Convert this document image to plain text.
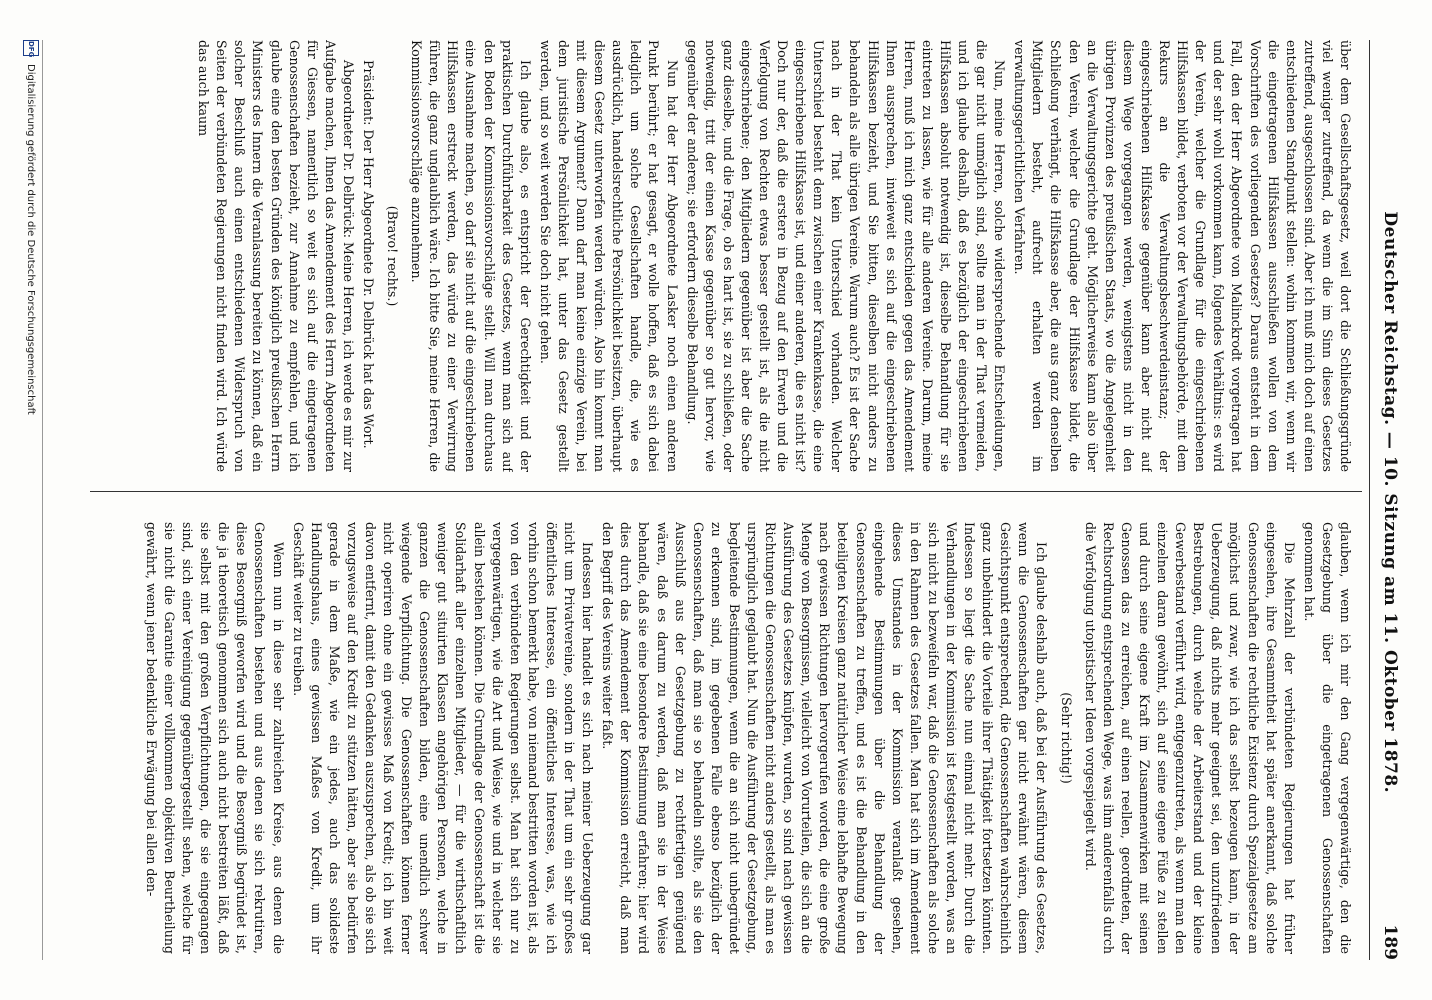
Deutscher Reichstag. — 10. Sitzung am 11. Oktober 1878.
189

über dem Gesellschaftsgesetz, weil dort die Schließungsgründe viel weniger zutreffend, da wenn die im Sinn dieses Gesetzes zutreffend, ausgeschlossen sind. Aber ich muß mich doch auf einen entschiedenen Standpunkt stellen: wohin kommen wir, wenn wir die eingetragenen Hilfskassen ausschließen wollen von dem Vorschriften des vorliegenden Gesetzes? Daraus entsteht in dem Fall, den der Herr Abgeordnete von Malinckrodt vorgetragen hat und der sehr wohl vorkommen kann, folgendes Verhältnis: es wird der Verein, welcher die Grundlage für die eingeschriebenen Hilfskassen bildet, verboten vor der Verwaltungsbehörde, mit dem Rekurs an die Verwaltungsbeschwerdeinstanz; der eingeschriebenen Hilfskasse gegenüber kann aber nicht auf diesem Wege vorgegangen werden, wenigstens nicht in den übrigen Provinzen des preußischen Staats, wo die Angelegenheit an die Verwaltungsgerichte geht. Möglicherweise kann also über den Verein, welcher die Grundlage der Hilfskasse bildet, die Schließung verhängt, die Hilfskasse aber, die aus ganz denselben Mitgliedern besteht, aufrecht erhalten werden im verwaltungsgerichtlichen Verfahren.

Nun, meine Herren, solche widersprechende Entscheidungen, die gar nicht unmöglich sind, sollte man in der That vermeiden, und ich glaube deshalb, daß es bezüglich der eingeschriebenen Hilfskassen absolut notwendig ist, dieselbe Behandlung für sie eintreten zu lassen, wie für alle anderen Vereine. Darum, meine Herren, muß ich mich ganz entschieden gegen das Amendement Ihnen aussprechen, inwieweit es sich auf die eingeschriebenen Hilfskassen bezieht, und Sie bitten, dieselben nicht anders zu behandeln als alle übrigen Vereine. Warum auch? Es ist der Sache nach in der That kein Unterschied vorhanden. Welcher Unterschied besteht denn zwischen einer Krankenkasse, die eine eingeschriebene Hilfskasse ist, und einer anderen, die es nicht ist? Doch nur der, daß die erstere in Bezug auf den Erwerb und die Verfolgung von Rechten etwas besser gestellt ist, als die nicht eingeschriebene; den Mitgliedern gegenüber ist aber die Sache ganz dieselbe, und die Frage, ob es hart ist, sie zu schließen, oder notwendig, tritt der einen Kasse gegenüber so gut hervor, wie gegenüber der anderen; sie erfordern dieselbe Behandlung.

Nun hat der Herr Abgeordnete Lasker noch einen anderen Punkt berührt; er hat gesagt, er wolle hoffen, daß es sich dabei lediglich um solche Gesellschaften handle, die, wie es ausdrücklich, handelsrechtliche Persönlichkeit besitzen, überhaupt diesem Gesetz unterworfen werden würden. Also hin kommt man mit diesem Argument? Dann darf man keine einzige Verein, bei dem juristische Persönlichkeit hat, unter das Gesetz gestellt werden, und so weit werden Sie doch nicht gehen.

Ich glaube also, es entspricht der Gerechtigkeit und der praktischen Durchführbarkeit des Gesetzes, wenn man sich auf den Boden der Kommissionsvorschläge stellt. Will man durchaus eine Ausnahme machen, so darf sie nicht auf die eingeschriebenen Hilfskassen erstreckt werden, das würde zu einer Verwirrung führen, die ganz unglaublich wäre. Ich bitte Sie, meine Herren, die Kommissionsvorschläge anzunehmen.

(Bravo! rechts.)

Präsident: Der Herr Abgeordnete Dr. Delbrück hat das Wort.

Abgeordneter Dr. Delbrück: Meine Herren, ich werde es mir zur Aufgabe machen, Ihnen das Amendement des Herrn Abgeordneten für Giessen, namentlich so weit es sich auf die eingetragenen Genossenschaften bezieht, zur Annahme zu empfehlen, und ich glaube eine den besten Gründen des königlich preußischen Herrn Ministers des Innern die Veranlassung bereiten zu können, daß ein solcher Beschluß auch einen entschiedenen Widerspruch von Seiten der verbündeten Regierungen nicht finden wird. Ich würde das auch kaum

glauben, wenn ich mir den Gang vergegenwärtige, den die Gesetzgebung über die eingetragenen Genossenschaften genommen hat.

Die Mehrzahl der verbündeten Regierungen hat früher eingesehen, ihre Gesammtheit hat später anerkannt, daß solche Genossenschaften die rechtliche Existenz durch Spezialgesetze am möglichst und zwar, wie ich das selbst bezeugen kann, in der Ueberzeugung, daß nichts mehr geeignet sei, den unzufriedenen Bestrebungen, durch welche der Arbeiterstand und der kleine Gewerbestand verführt wird, entgegenzutreten, als wenn man den einzelnen daran gewöhnt, sich auf seine eigene Füße zu stellen und durch seine eigene Kraft im Zusammenwirken mit seinen Genossen das zu erreichen, auf einen reellen, geordneten, der Rechtsordnung entsprechenden Wege, was ihm anderenfalls durch die Verfolgung utopistischer Ideen vorgespiegelt wird.

(Sehr richtig!)

Ich glaube deshalb auch, daß bei der Ausführung des Gesetzes, wenn die Genossenschaften gar nicht erwähnt wären, diesem Gesichtspunkt entsprechend, die Genossenschaften wahrscheinlich ganz unbehindert die Vorteile ihrer Thätigkeit fortsetzen könnten. Indessen so liegt die Sache nun einmal nicht mehr. Durch die Verhandlungen in der Kommission ist festgestellt worden, was an sich nicht zu bezweifeln war, daß die Genossenschaften als solche in den Rahmen des Gesetzes fallen. Man hat sich im Amendement dieses Umstandes in der Kommission veranlaßt gesehen, eingehende Bestimmungen über die Behandlung der Genossenschaften zu treffen, und es ist die Behandlung in den beteiligten Kreisen ganz natürlicher Weise eine lebhafte Bewegung nach gewissen Richtungen hervorgerufen worden, die eine große Menge von Besorgnissen, vielleicht von Vorurteilen, die sich an die Ausführung des Gesetzes knüpfen, wurden, so sind nach gewissen Richtungen die Genossenschaften nicht anders gestellt, als man es ursprünglich geglaubt hat. Nun die Ausführung der Gesetzgebung, begleitende Bestimmungen, wenn die an sich nicht unbegründet zu erkennen sind, im gegebenen Falle ebenso bezüglich der Genossenschaften, daß man sie so behandeln sollte, als sie den Ausschluß aus der Gesetzgebung zu rechtfertigen genügend wären, daß es darum zu werden, daß man sie in der Weise behandle, daß sie eine besondere Bestimmung erfahren; hier wird dies durch das Amendement der Kommission erreicht, daß man den Begriff des Vereins weiter faßt.

Indessen hier handelt es sich nach meiner Ueberzeugung gar nicht um Privatvereine, sondern in der That um ein sehr großes öffentliches Interesse, ein öffentliches Interesse, was, wie ich vorhin schon bemerkt habe, von niemand bestritten worden ist, als von den verbündeten Regierungen selbst. Man hat sich nur zu vergegenwärtigen, wie die Art und Weise, wie und in welcher sie allein bestehen können. Die Grundlage der Genossenschaft ist die Solidarhaft aller einzelnen Mitglieder, — für die wirthschaftlich weniger gut situirten Klassen angehörigen Personen, welche in ganzen die Genossenschaften bilden, eine unendlich schwer wiegende Verpflichtung. Die Genossenschaften können ferner nicht operiren ohne ein gewisses Maß von Kredit; ich bin weit davon entfernt, damit den Gedanken auszusprechen, als ob sie sich vorzugsweise auf den Kredit zu stützen hätten, aber sie bedürfen gerade in dem Maße, wie ein jedes, auch das solideste Handlungshaus, eines gewissen Maßes von Kredit, um ihr Geschäft weiter zu treiben.

Wenn nun in diese sehr zahlreichen Kreise, aus denen die Genossenschaften bestehen und aus denen sie sich rekrutiren, diese Besorgniß geworfen wird und die Besorgniß begründet ist, die ja theoretisch genommen sich auch nicht bestreiten läßt, daß sie selbst mit den großen Verpflichtungen, die sie eingegangen sind, sich einer Vereinigung gegenübergestellt sehen, welche für sie nicht die Garantie einer vollkommen objektiven Beurtheilung gewährt, wenn jener bedenkliche Erwägung bei allen den-

DFG
Digitalisierung gefördert durch die Deutsche Forschungsgemeinschaft
